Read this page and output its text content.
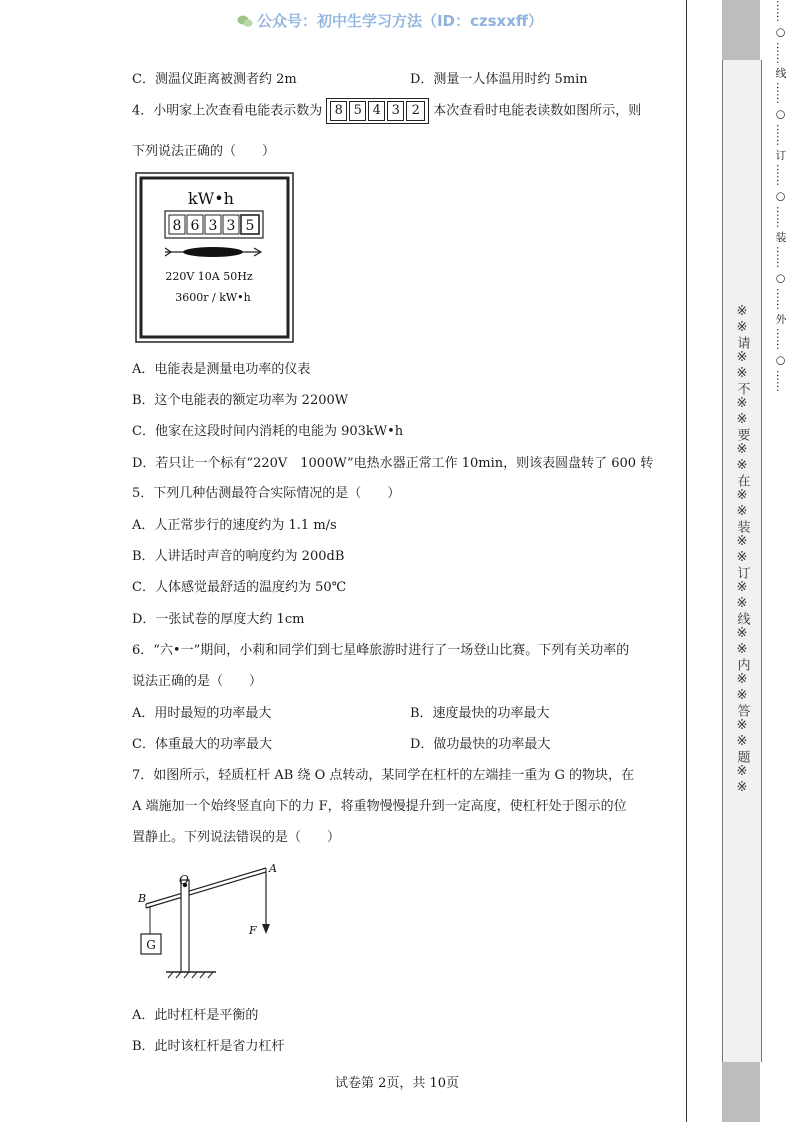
公众号：初中生学习方法（ID：czsxxff）
C．测温仪距离被测者约 2m	D．测量一人体温用时约 5min
4．小明家上次查看电能表示数为 8 5 4 3 2 本次查看时电能表读数如图所示，则
下列说法正确的（　　）
A．电能表是测量电功率的仪表
B．这个电能表的额定功率为 2200W
C．他家在这段时间内消耗的电能为 903kW•h
D．若只让一个标有“220V　1000W”电热水器正常工作 10min，则该表圆盘转了 600 转
5．下列几种估测最符合实际情况的是（　　）
A．人正常步行的速度约为 1.1 m/s
B．人讲话时声音的响度约为 200dB
C．人体感觉最舒适的温度约为 50℃
D．一张试卷的厚度大约 1cm
6．“六•一”期间，小莉和同学们到七星峰旅游时进行了一场登山比赛。下列有关功率的
说法正确的是（　　）
A．用时最短的功率最大	B．速度最快的功率最大
C．体重最大的功率最大	D．做功最快的功率最大
7．如图所示，轻质杠杆 AB 绕 O 点转动，某同学在杠杆的左端挂一重为 G 的物块，在
A 端施加一个始终竖直向下的力 F，将重物慢慢提升到一定高度，使杠杆处于图示的位
置静止。下列说法错误的是（　　）
A．此时杠杆是平衡的
B．此时该杠杆是省力杠杆
kW•h
8 6 3 3 5
220V 10A 50Hz
3600r / kW•h
G
O
A
B
F
试卷第 2页，共 10页
※※请※※不※※要※※在※※装※※订※※线※※内※※答※※题※※
…… ○ …… 线 …… ○ …… 订 …… ○ …… 装 …… ○ …… 外 …… ○ ……
